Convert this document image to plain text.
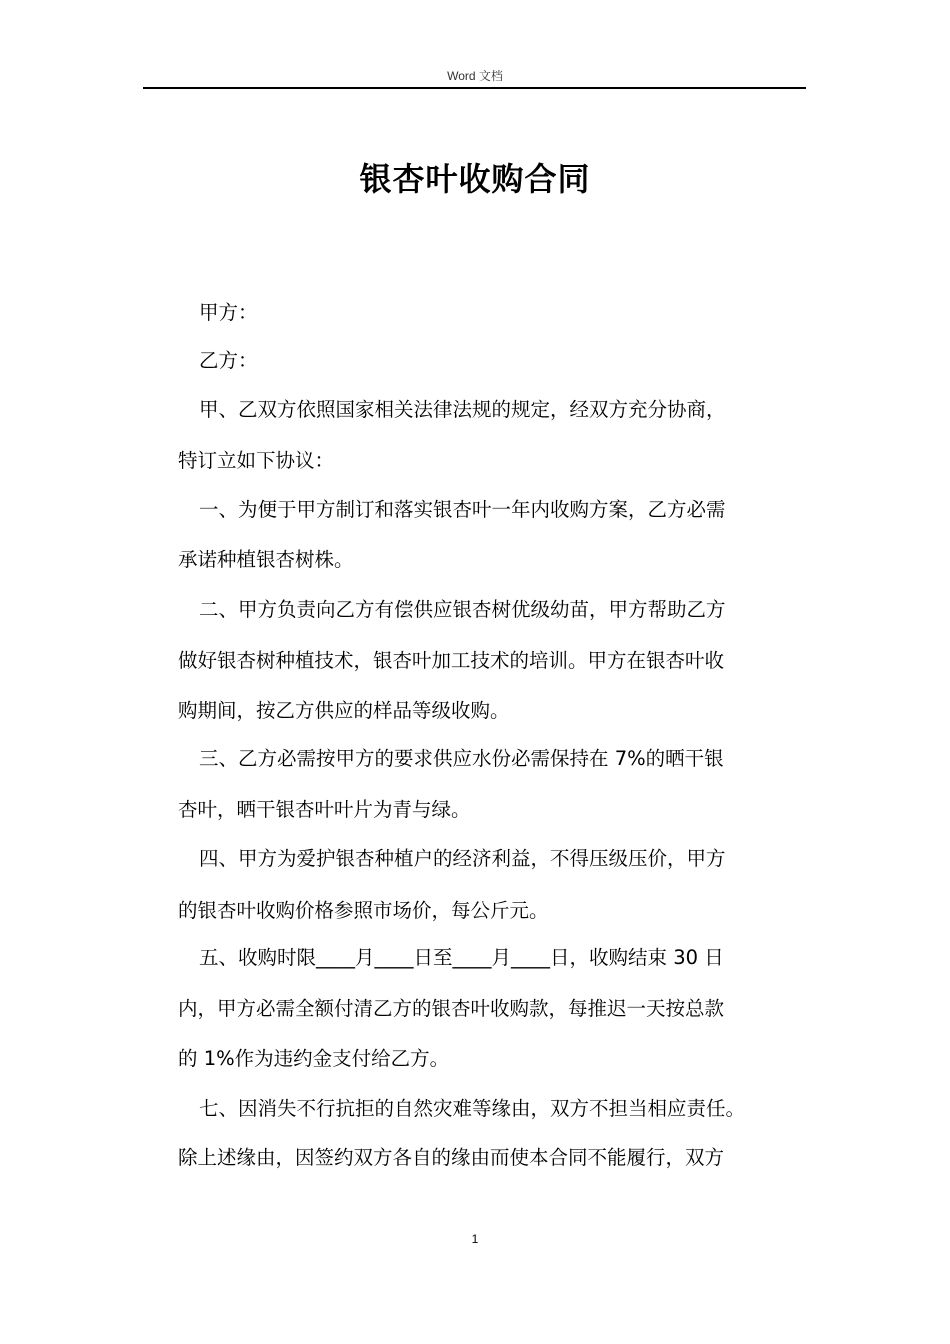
Word 文档
银杏叶收购合同
甲方：
乙方：
甲、乙双方依照国家相关法律法规的规定，经双方充分协商，
特订立如下协议：
一、为便于甲方制订和落实银杏叶一年内收购方案，乙方必需
承诺种植银杏树株。
二、甲方负责向乙方有偿供应银杏树优级幼苗，甲方帮助乙方
做好银杏树种植技术，银杏叶加工技术的培训。甲方在银杏叶收
购期间，按乙方供应的样品等级收购。
三、乙方必需按甲方的要求供应水份必需保持在 7%的晒干银
杏叶，晒干银杏叶叶片为青与绿。
四、甲方为爱护银杏种植户的经济利益，不得压级压价，甲方
的银杏叶收购价格参照市场价，每公斤元。
五、收购时限____月____日至____月____日，收购结束 30 日
内，甲方必需全额付清乙方的银杏叶收购款，每推迟一天按总款
的 1%作为违约金支付给乙方。
七、因消失不行抗拒的自然灾难等缘由，双方不担当相应责任。
除上述缘由，因签约双方各自的缘由而使本合同不能履行，双方
1
